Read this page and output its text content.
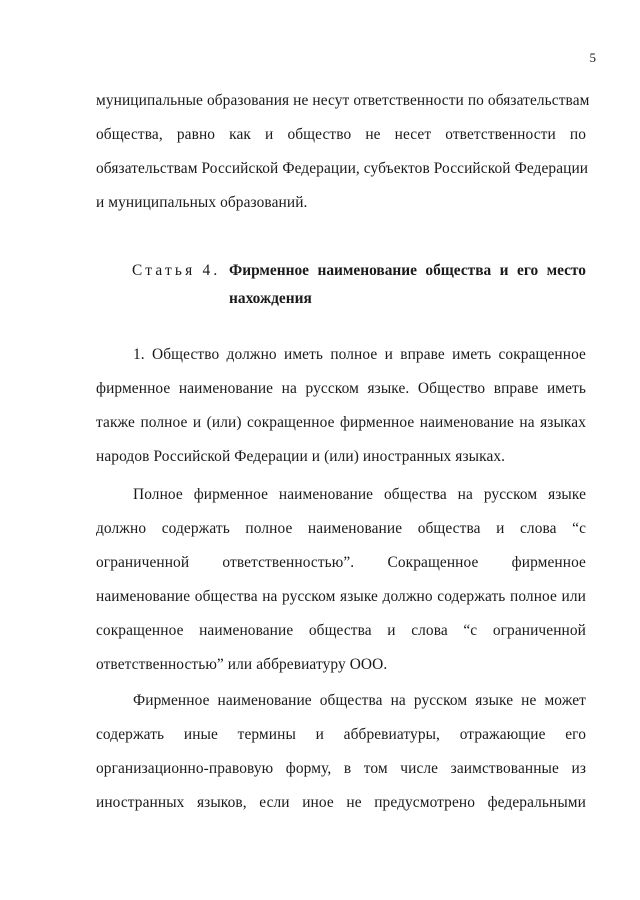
5
муниципальные образования не несут ответственности по обязательствам
общества, равно как и общество не несет ответственности по
обязательствам Российской Федерации, субъектов Российской Федерации
и муниципальных образований.
Статья 4. Фирменное наименование общества и его место
нахождения
1. Общество должно иметь полное и вправе иметь сокращенное
фирменное наименование на русском языке. Общество вправе иметь
также полное и (или) сокращенное фирменное наименование на языках
народов Российской Федерации и (или) иностранных языках.
Полное фирменное наименование общества на русском языке
должно содержать полное наименование общества и слова “с
ограниченной ответственностью”. Сокращенное фирменное
наименование общества на русском языке должно содержать полное или
сокращенное наименование общества и слова “с ограниченной
ответственностью” или аббревиатуру ООО.
Фирменное наименование общества на русском языке не может
содержать иные термины и аббревиатуры, отражающие его
организационно-правовую форму, в том числе заимствованные из
иностранных языков, если иное не предусмотрено федеральными
